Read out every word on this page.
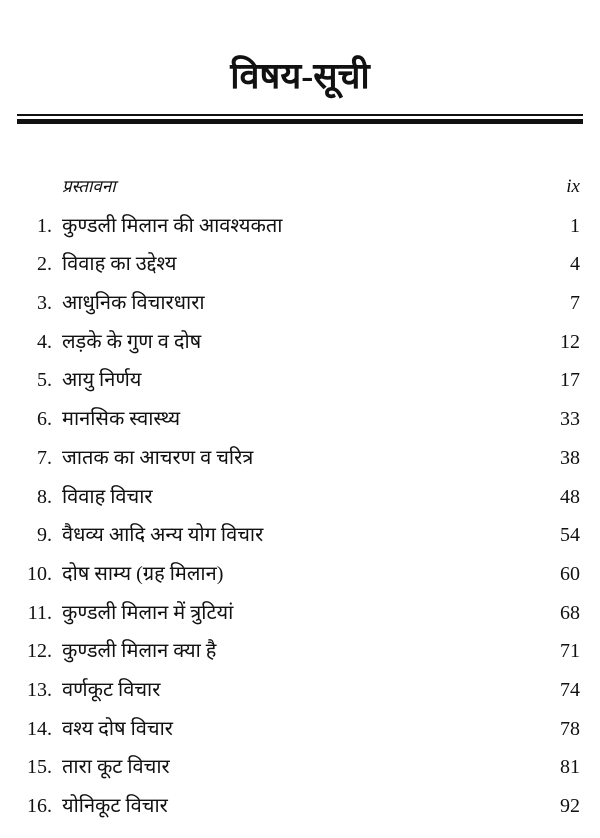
विषय-सूची
प्रस्तावना	ix
1. कुण्डली मिलान की आवश्यकता	1
2. विवाह का उद्देश्य	4
3. आधुनिक विचारधारा	7
4. लड़के के गुण व दोष	12
5. आयु निर्णय	17
6. मानसिक स्वास्थ्य	33
7. जातक का आचरण व चरित्र	38
8. विवाह विचार	48
9. वैधव्य आदि अन्य योग विचार	54
10. दोष साम्य (ग्रह मिलान)	60
11. कुण्डली मिलान में त्रुटियां	68
12. कुण्डली मिलान क्या है	71
13. वर्णकूट विचार	74
14. वश्य दोष विचार	78
15. तारा कूट विचार	81
16. योनिकूट विचार	92
